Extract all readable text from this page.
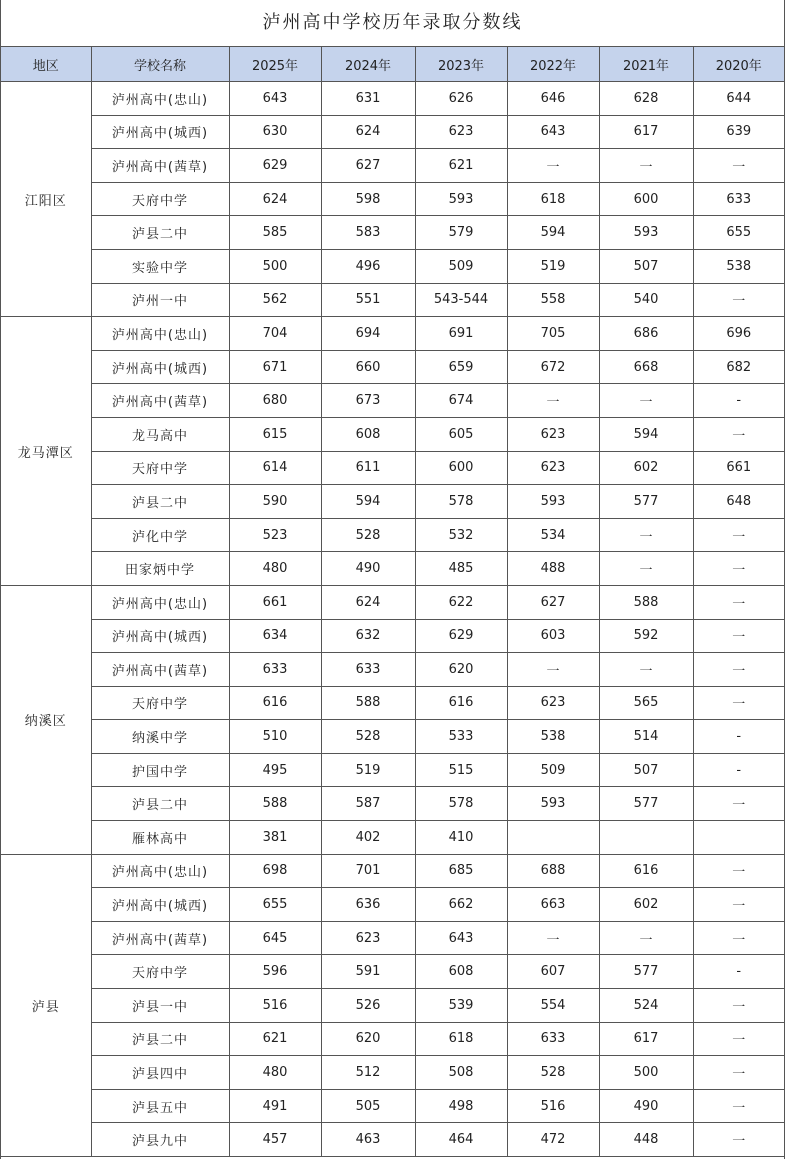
泸州高中学校历年录取分数线
地区	学校名称	2025年	2024年	2023年	2022年	2021年	2020年
江阳区	泸州高中(忠山)	643	631	626	646	628	644
	泸州高中(城西)	630	624	623	643	617	639
	泸州高中(茜草)	629	627	621	一	一	一
	天府中学	624	598	593	618	600	633
	泸县二中	585	583	579	594	593	655
	实验中学	500	496	509	519	507	538
	泸州一中	562	551	543-544	558	540	一
龙马潭区	泸州高中(忠山)	704	694	691	705	686	696
	泸州高中(城西)	671	660	659	672	668	682
	泸州高中(茜草)	680	673	674	一	一	-
	龙马高中	615	608	605	623	594	一
	天府中学	614	611	600	623	602	661
	泸县二中	590	594	578	593	577	648
	泸化中学	523	528	532	534	一	一
	田家炳中学	480	490	485	488	一	一
纳溪区	泸州高中(忠山)	661	624	622	627	588	一
	泸州高中(城西)	634	632	629	603	592	一
	泸州高中(茜草)	633	633	620	一	一	一
	天府中学	616	588	616	623	565	一
	纳溪中学	510	528	533	538	514	-
	护国中学	495	519	515	509	507	-
	泸县二中	588	587	578	593	577	一
	雁林高中	381	402	410			
泸县	泸州高中(忠山)	698	701	685	688	616	一
	泸州高中(城西)	655	636	662	663	602	一
	泸州高中(茜草)	645	623	643	一	一	一
	天府中学	596	591	608	607	577	-
	泸县一中	516	526	539	554	524	一
	泸县二中	621	620	618	633	617	一
	泸县四中	480	512	508	528	500	一
	泸县五中	491	505	498	516	490	一
	泸县九中	457	463	464	472	448	一
